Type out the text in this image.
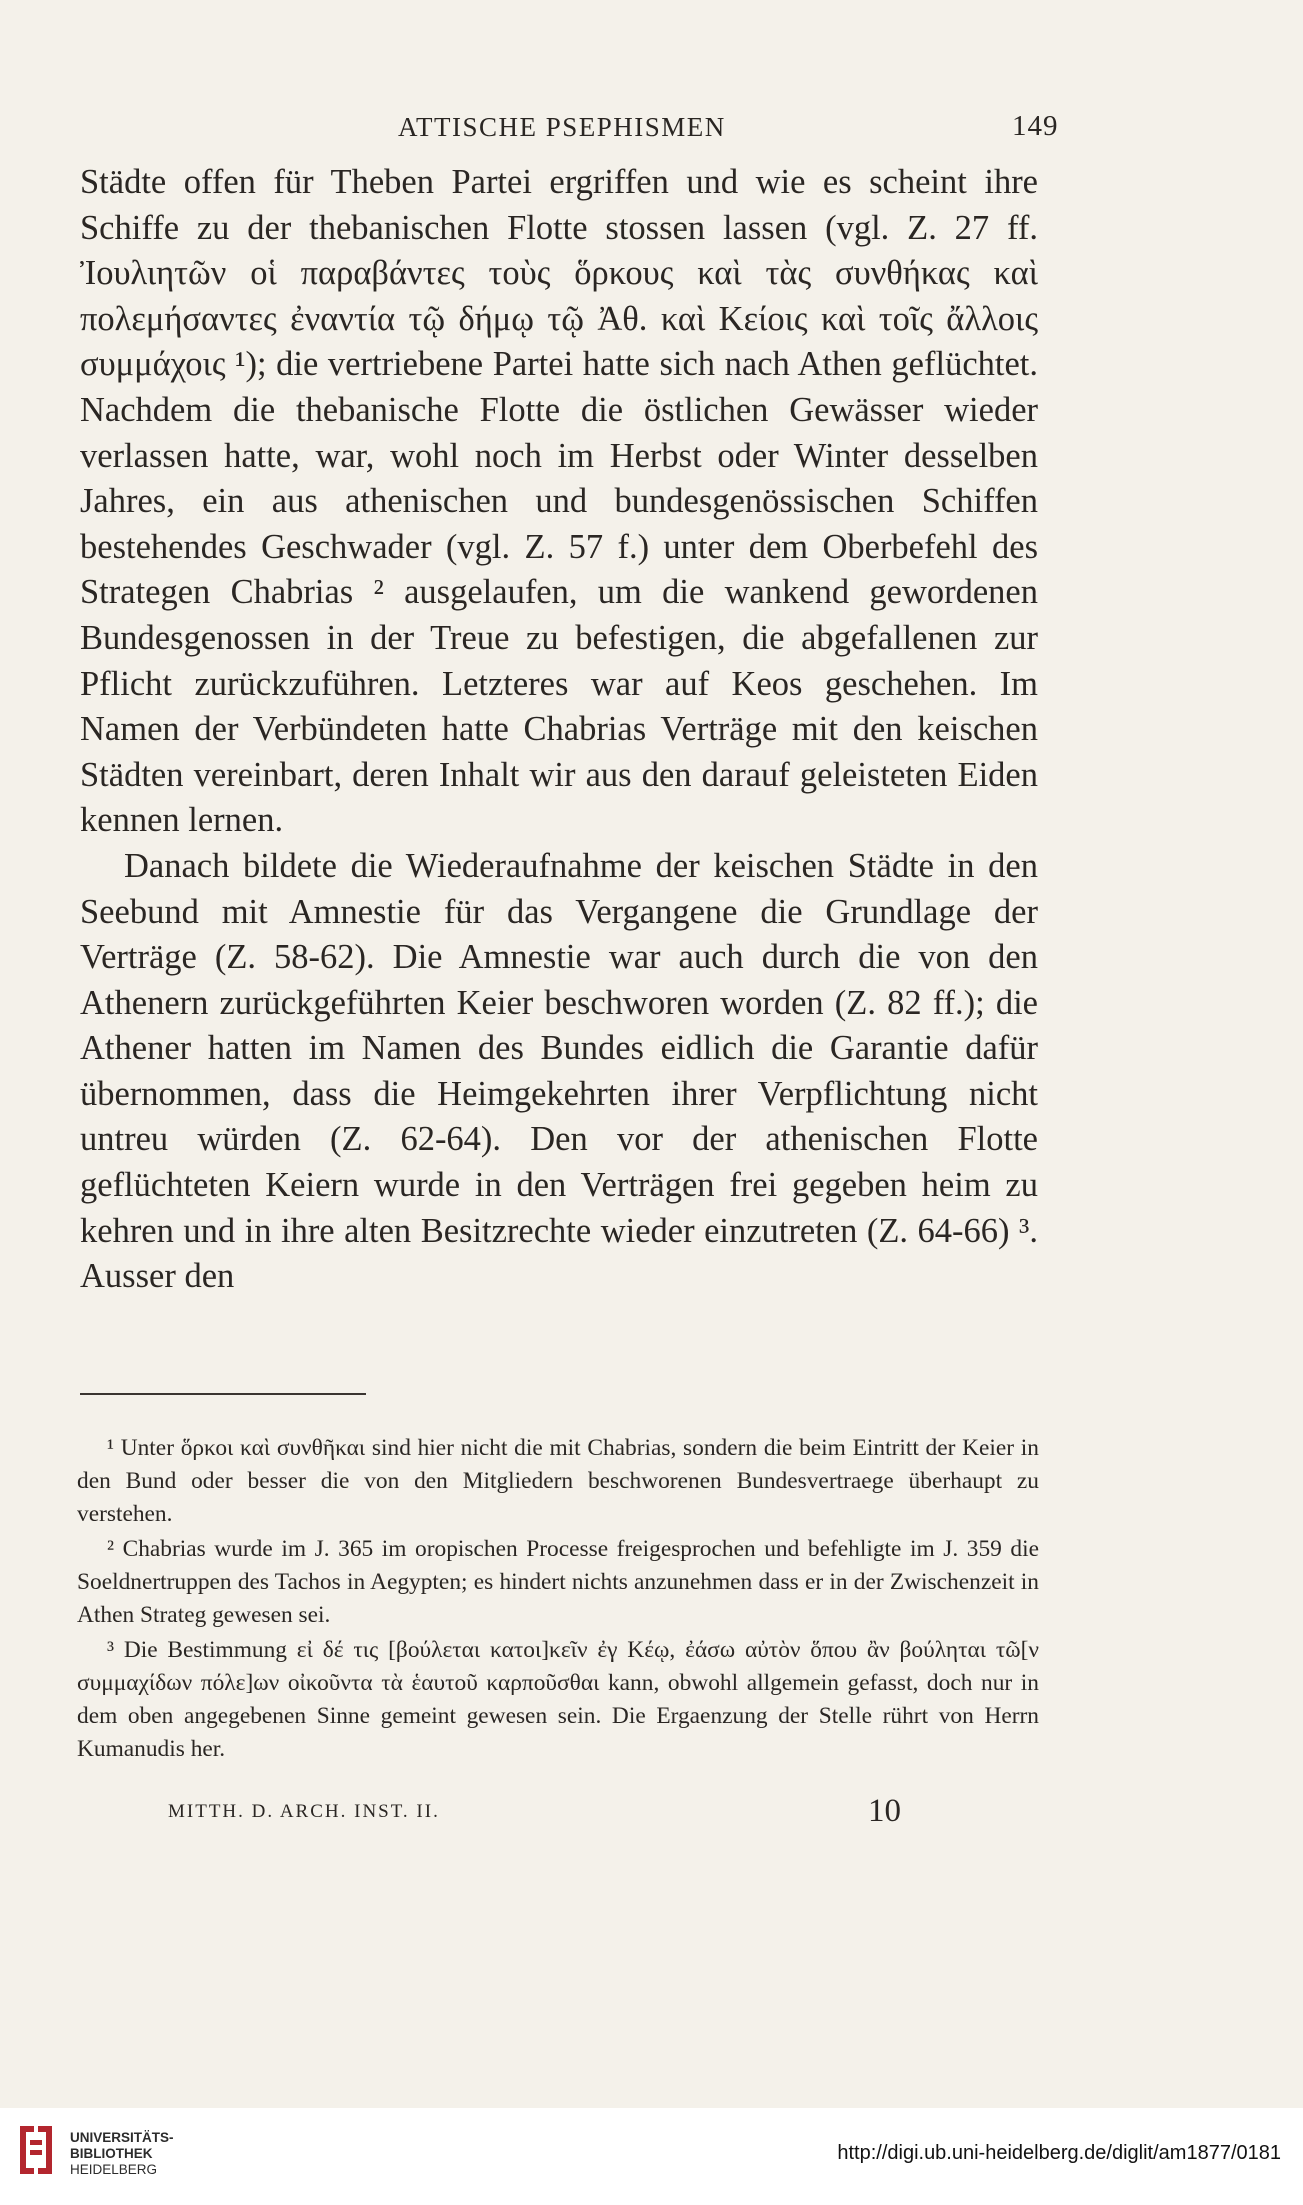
ATTISCHE PSEPHISMEN	149

Städte offen für Theben Partei ergriffen und wie es scheint ihre Schiffe zu der thebanischen Flotte stossen lassen (vgl. Z. 27 ff. Ἰουλιητῶν οἱ παραβάντες τοὺς ὅρκους καὶ τὰς συνθήκας καὶ πολεμήσαντες ἐναντία τῷ δήμῳ τῷ Ἀθ. καὶ Κείοις καὶ τοῖς ἄλλοις συμμάχοις ¹); die vertriebene Partei hatte sich nach Athen geflüchtet. Nachdem die thebanische Flotte die östlichen Gewässer wieder verlassen hatte, war, wohl noch im Herbst oder Winter desselben Jahres, ein aus athenischen und bundesgenössischen Schiffen bestehendes Geschwader (vgl. Z. 57 f.) unter dem Oberbefehl des Strategen Chabrias ² ausgelaufen, um die wankend gewordenen Bundesgenossen in der Treue zu befestigen, die abgefallenen zur Pflicht zurückzuführen. Letzteres war auf Keos geschehen. Im Namen der Verbündeten hatte Chabrias Verträge mit den keischen Städten vereinbart, deren Inhalt wir aus den darauf geleisteten Eiden kennen lernen.

Danach bildete die Wiederaufnahme der keischen Städte in den Seebund mit Amnestie für das Vergangene die Grundlage der Verträge (Z. 58-62). Die Amnestie war auch durch die von den Athenern zurückgeführten Keier beschworen worden (Z. 82 ff.); die Athener hatten im Namen des Bundes eidlich die Garantie dafür übernommen, dass die Heimgekehrten ihrer Verpflichtung nicht untreu würden (Z. 62-64). Den vor der athenischen Flotte geflüchteten Keiern wurde in den Verträgen frei gegeben heim zu kehren und in ihre alten Besitzrechte wieder einzutreten (Z. 64-66) ³. Ausser den

¹ Unter ὅρκοι καὶ συνθῆκαι sind hier nicht die mit Chabrias, sondern die beim Eintritt der Keier in den Bund oder besser die von den Mitgliedern beschworenen Bundesvertraege überhaupt zu verstehen.

² Chabrias wurde im J. 365 im oropischen Processe freigesprochen und befehligte im J. 359 die Soeldnertruppen des Tachos in Aegypten; es hindert nichts anzunehmen dass er in der Zwischenzeit in Athen Strateg gewesen sei.

³ Die Bestimmung εἰ δέ τις [βούλεται κατοι]κεῖν ἐγ Κέῳ, ἐάσω αὐτὸν ὅπου ἂν βούληται τῶ[ν συμμαχίδων πόλε]ων οἰκοῦντα τὰ ἑαυτοῦ καρποῦσθαι kann, obwohl allgemein gefasst, doch nur in dem oben angegebenen Sinne gemeint gewesen sein. Die Ergaenzung der Stelle rührt von Herrn Kumanudis her.

MITTH. D. ARCH. INST. II.	10
UNIVERSITÄTS-
BIBLIOTHEK
HEIDELBERG
http://digi.ub.uni-heidelberg.de/diglit/am1877/0181
